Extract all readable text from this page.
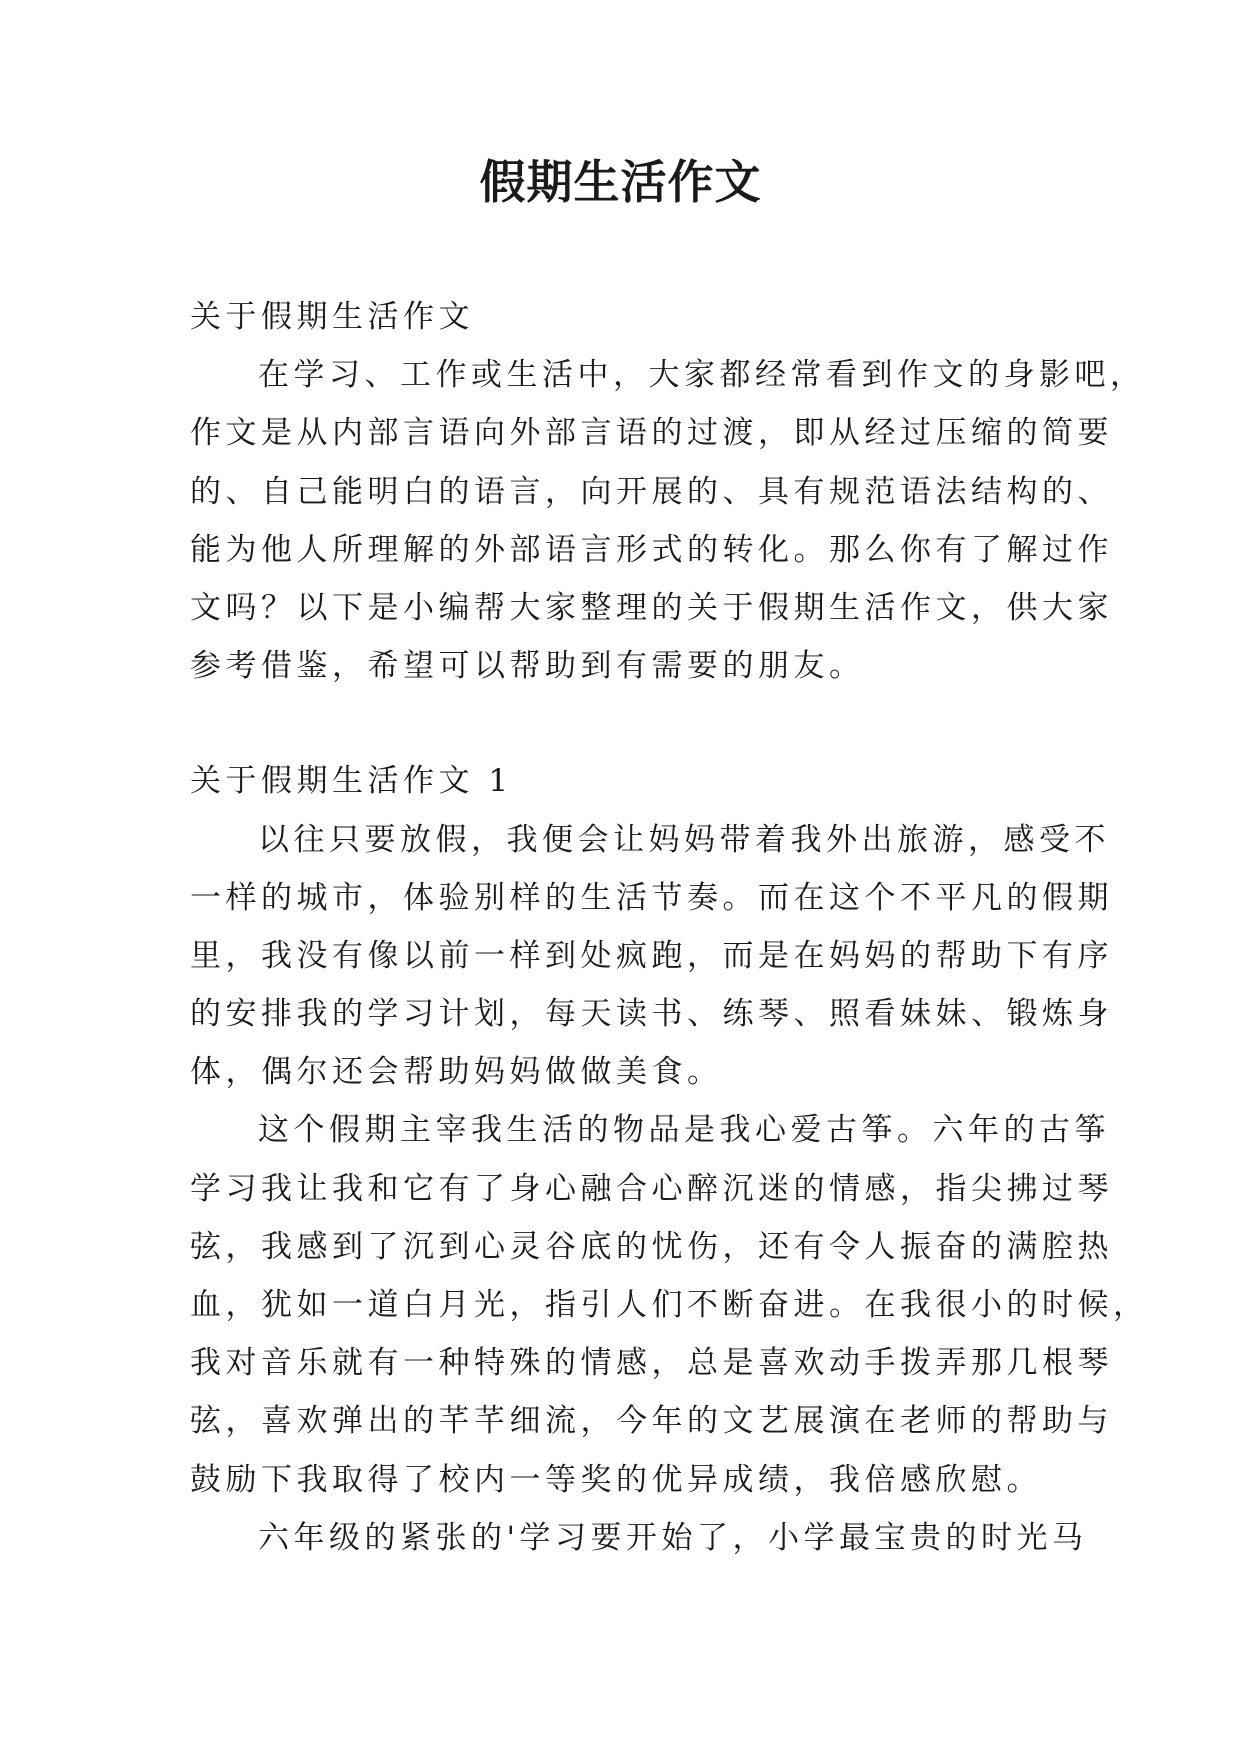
假期生活作文
关于假期生活作文
在学习、工作或生活中，大家都经常看到作文的身影吧，
作文是从内部言语向外部言语的过渡，即从经过压缩的简要
的、自己能明白的语言，向开展的、具有规范语法结构的、
能为他人所理解的外部语言形式的转化。那么你有了解过作
文吗？以下是小编帮大家整理的关于假期生活作文，供大家
参考借鉴，希望可以帮助到有需要的朋友。
关于假期生活作文 1
以往只要放假，我便会让妈妈带着我外出旅游，感受不
一样的城市，体验别样的生活节奏。而在这个不平凡的假期
里，我没有像以前一样到处疯跑，而是在妈妈的帮助下有序
的安排我的学习计划，每天读书、练琴、照看妹妹、锻炼身
体，偶尔还会帮助妈妈做做美食。
这个假期主宰我生活的物品是我心爱古筝。六年的古筝
学习我让我和它有了身心融合心醉沉迷的情感，指尖拂过琴
弦，我感到了沉到心灵谷底的忧伤，还有令人振奋的满腔热
血，犹如一道白月光，指引人们不断奋进。在我很小的时候，
我对音乐就有一种特殊的情感，总是喜欢动手拨弄那几根琴
弦，喜欢弹出的芊芊细流，今年的文艺展演在老师的帮助与
鼓励下我取得了校内一等奖的优异成绩，我倍感欣慰。
六年级的紧张的'学习要开始了，小学最宝贵的时光马
